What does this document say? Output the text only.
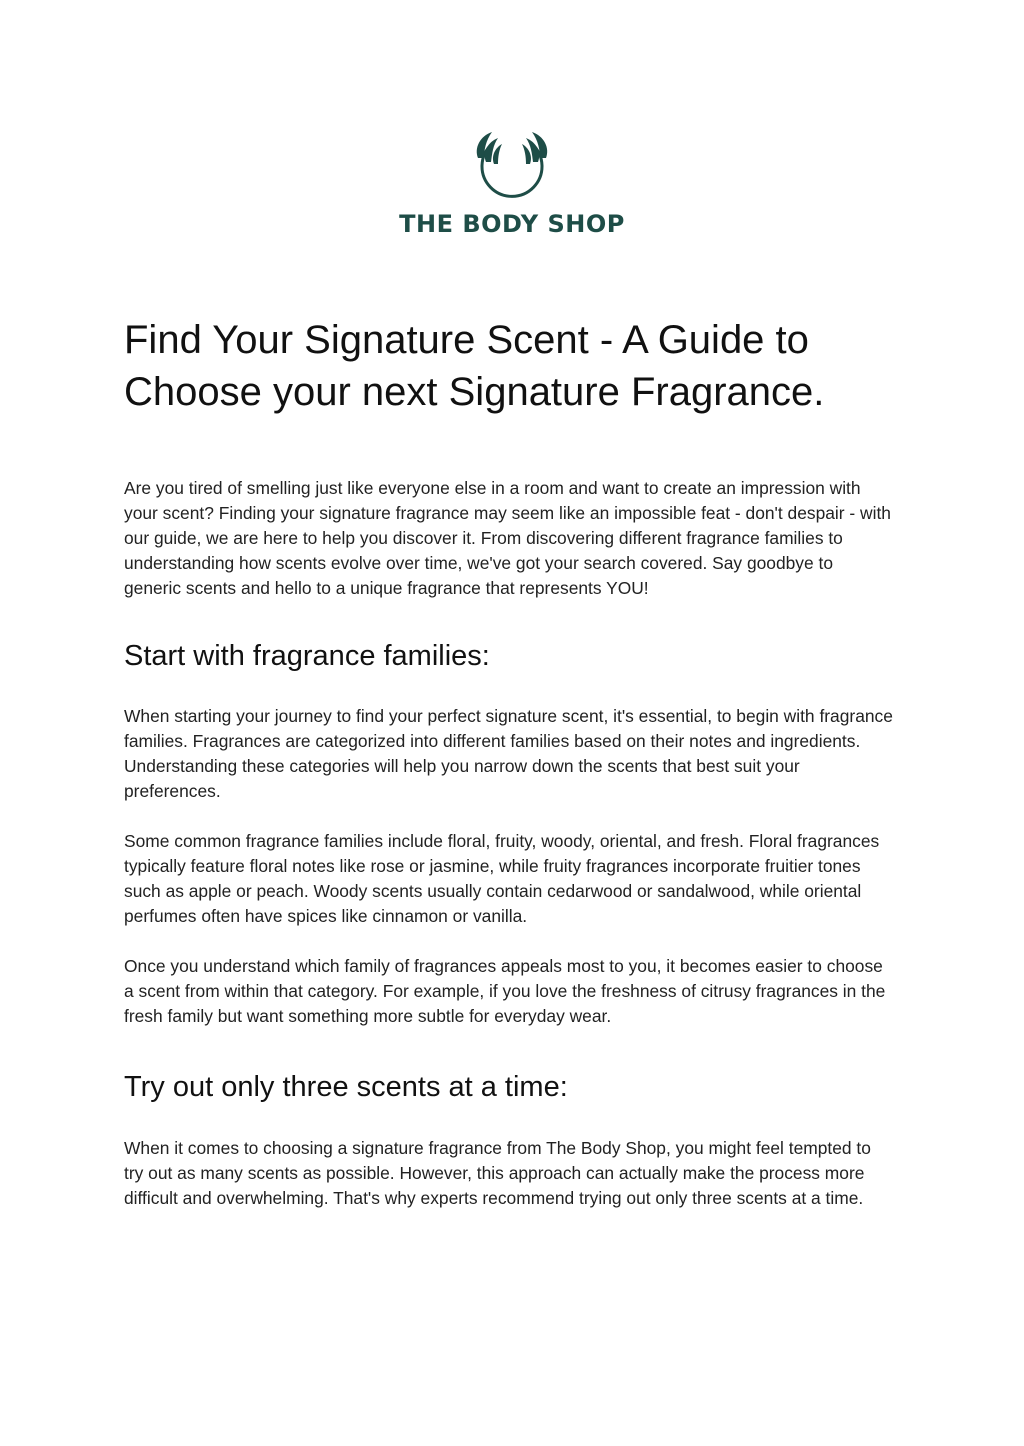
THE BODY SHOP
Find Your Signature Scent - A Guide to Choose your next Signature Fragrance.

Are you tired of smelling just like everyone else in a room and want to create an impression with your scent? Finding your signature fragrance may seem like an impossible feat - don't despair - with our guide, we are here to help you discover it. From discovering different fragrance families to understanding how scents evolve over time, we've got your search covered. Say goodbye to generic scents and hello to a unique fragrance that represents YOU!

Start with fragrance families:

When starting your journey to find your perfect signature scent, it's essential, to begin with fragrance families. Fragrances are categorized into different families based on their notes and ingredients. Understanding these categories will help you narrow down the scents that best suit your preferences.

Some common fragrance families include floral, fruity, woody, oriental, and fresh. Floral fragrances typically feature floral notes like rose or jasmine, while fruity fragrances incorporate fruitier tones such as apple or peach. Woody scents usually contain cedarwood or sandalwood, while oriental perfumes often have spices like cinnamon or vanilla.

Once you understand which family of fragrances appeals most to you, it becomes easier to choose a scent from within that category. For example, if you love the freshness of citrusy fragrances in the fresh family but want something more subtle for everyday wear.

Try out only three scents at a time:

When it comes to choosing a signature fragrance from The Body Shop, you might feel tempted to try out as many scents as possible. However, this approach can actually make the process more difficult and overwhelming. That's why experts recommend trying out only three scents at a time.
